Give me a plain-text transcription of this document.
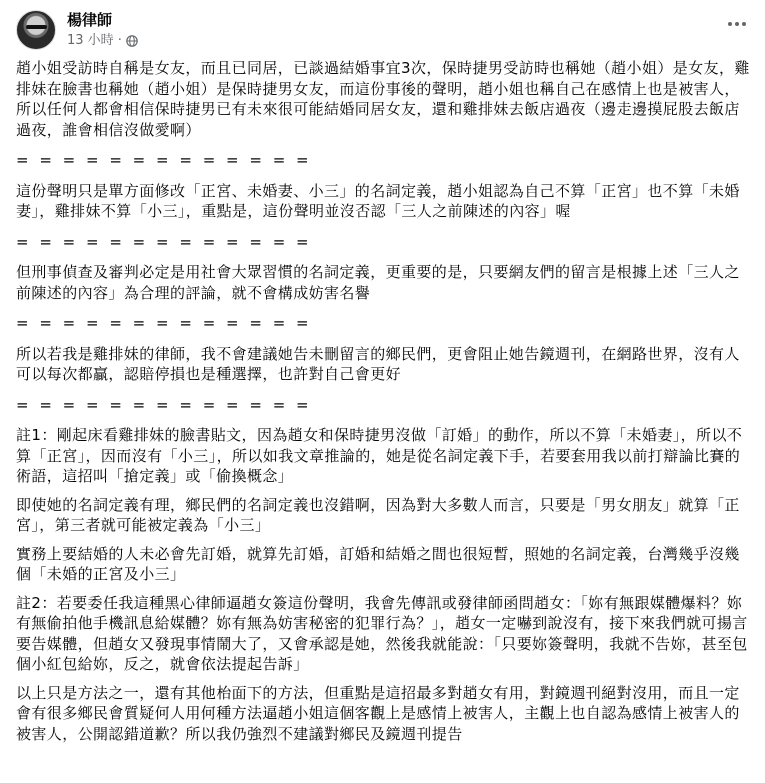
楊律師
13 小時 ·

趙小姐受訪時自稱是女友，而且已同居，已談過結婚事宜3次，保時捷男受訪時也稱她（趙小姐）是女友，雞排妹在臉書也稱她（趙小姐）是保時捷男女友，而這份事後的聲明，趙小姐也稱自己在感情上也是被害人，所以任何人都會相信保時捷男已有未來很可能結婚同居女友，還和雞排妹去飯店過夜（邊走邊摸屁股去飯店過夜，誰會相信沒做愛啊）

= = = = = = = = = = = = =

這份聲明只是單方面修改「正宮、未婚妻、小三」的名詞定義，趙小姐認為自己不算「正宮」也不算「未婚妻」，雞排妹不算「小三」，重點是，這份聲明並沒否認「三人之前陳述的內容」喔

= = = = = = = = = = = = =

但刑事偵查及審判必定是用社會大眾習慣的名詞定義，更重要的是，只要網友們的留言是根據上述「三人之前陳述的內容」為合理的評論，就不會構成妨害名譽

= = = = = = = = = = = = =

所以若我是雞排妹的律師，我不會建議她告未刪留言的鄉民們，更會阻止她告鏡週刊，在網路世界，沒有人可以每次都贏，認賠停損也是種選擇，也許對自己會更好

= = = = = = = = = = = = =

註1：剛起床看雞排妹的臉書貼文，因為趙女和保時捷男沒做「訂婚」的動作，所以不算「未婚妻」，所以不算「正宮」，因而沒有「小三」，所以如我文章推論的，她是從名詞定義下手，若要套用我以前打辯論比賽的術語，這招叫「搶定義」或「偷換概念」

即使她的名詞定義有理，鄉民們的名詞定義也沒錯啊，因為對大多數人而言，只要是「男女朋友」就算「正宮」，第三者就可能被定義為「小三」

實務上要結婚的人未必會先訂婚，就算先訂婚，訂婚和結婚之間也很短暫，照她的名詞定義，台灣幾乎沒幾個「未婚的正宮及小三」

註2：若要委任我這種黑心律師逼趙女簽這份聲明，我會先傳訊或發律師函問趙女：「妳有無跟媒體爆料？妳有無偷拍他手機訊息給媒體？妳有無為妨害秘密的犯罪行為？」，趙女一定嚇到說沒有，接下來我們就可揚言要告媒體，但趙女又發現事情鬧大了，又會承認是她，然後我就能說：「只要妳簽聲明，我就不告妳，甚至包個小紅包給妳，反之，就會依法提起告訴」

以上只是方法之一，還有其他枱面下的方法，但重點是這招最多對趙女有用，對鏡週刊絕對沒用，而且一定會有很多鄉民會質疑何人用何種方法逼趙小姐這個客觀上是感情上被害人，主觀上也自認為感情上被害人的被害人，公開認錯道歉？所以我仍強烈不建議對鄉民及鏡週刊提告
